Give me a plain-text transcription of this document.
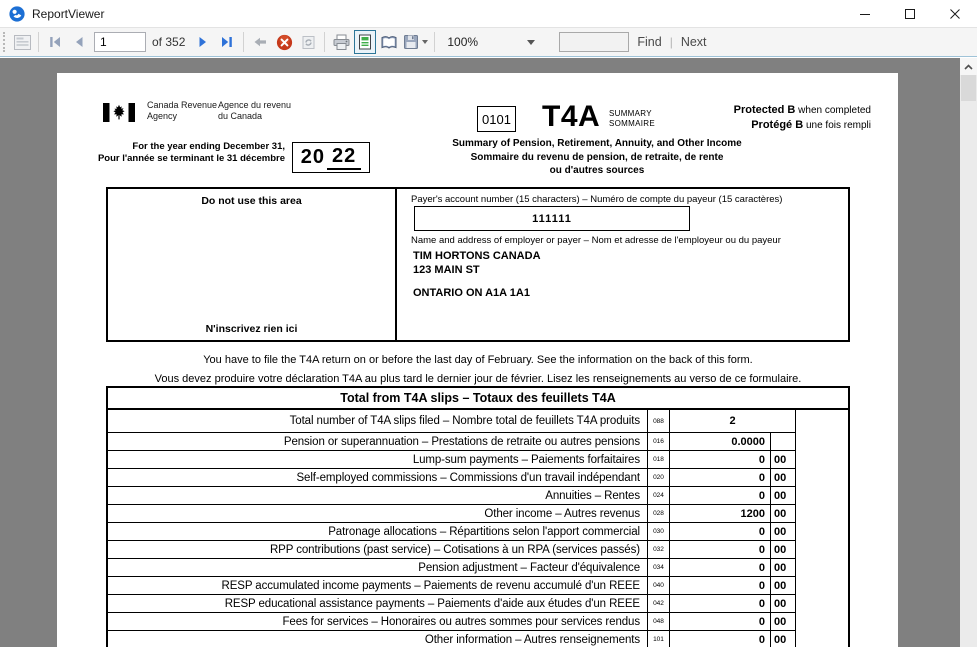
ReportViewer
1
of 352	100%	Find | Next
Canada Revenue
Agency
Agence du revenu
du Canada
For the year ending December 31,
Pour l'année se terminant le 31 décembre 20 22
0101 T4A SUMMARY
SOMMAIRE
Summary of Pension, Retirement, Annuity, and Other Income
Sommaire du revenu de pension, de retraite, de rente
ou d'autres sources
Protected B when completed
Protégé B une fois rempli
Do not use this area
N'inscrivez rien ici
Payer's account number (15 characters) – Numéro de compte du payeur (15 caractères)
111111
Name and address of employer or payer – Nom et adresse de l'employeur ou du payeur
TIM HORTONS CANADA
123 MAIN ST
ONTARIO ON A1A 1A1
You have to file the T4A return on or before the last day of February. See the information on the back of this form.
Vous devez produire votre déclaration T4A au plus tard le dernier jour de février. Lisez les renseignements au verso de ce formulaire.
Total from T4A slips – Totaux des feuillets T4A
Total number of T4A slips filed – Nombre total de feuillets T4A produits	088	2
Pension or superannuation – Prestations de retraite ou autres pensions	016	0.0000
Lump-sum payments – Paiements forfaitaires	018	0 00
Self-employed commissions – Commissions d'un travail indépendant	020	0 00
Annuities – Rentes	024	0 00
Other income – Autres revenus	028	1200 00
Patronage allocations – Répartitions selon l'apport commercial	030	0 00
RPP contributions (past service) – Cotisations à un RPA (services passés)	032	0 00
Pension adjustment – Facteur d'équivalence	034	0 00
RESP accumulated income payments – Paiements de revenu accumulé d'un REEE	040	0 00
RESP educational assistance payments – Paiements d'aide aux études d'un REEE	042	0 00
Fees for services – Honoraires ou autres sommes pour services rendus	048	0 00
Other information – Autres renseignements	101	0 00
